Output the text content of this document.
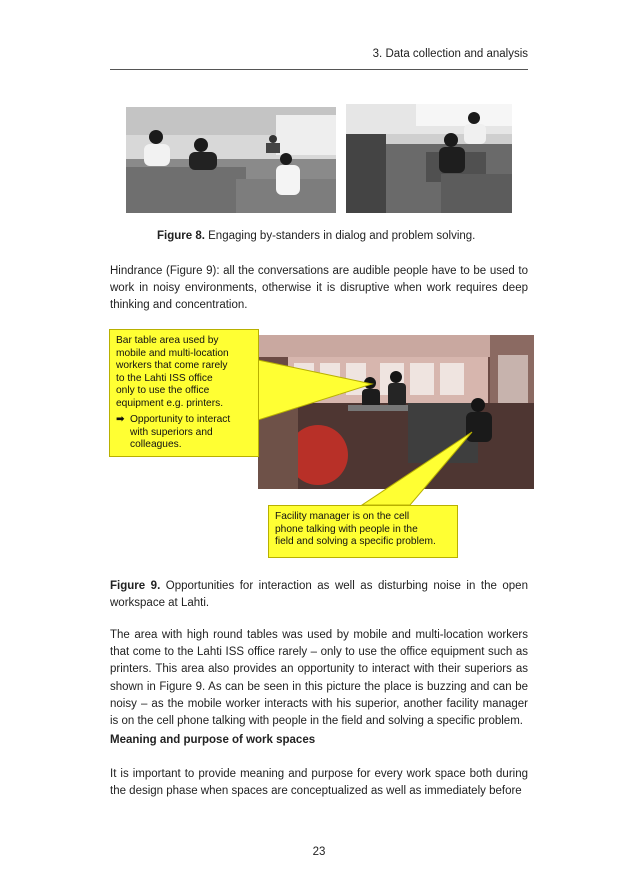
3. Data collection and analysis
Figure 8. Engaging by-standers in dialog and problem solving.
Hindrance (Figure 9): all the conversations are audible people have to be used to work in noisy environments, otherwise it is disruptive when work requires deep thinking and concentration.
Bar table area used by
mobile and multi-location
workers that come rarely
to the Lahti ISS office
only to use the office
equipment e.g. printers.
➡ Opportunity to interact
with superiors and
colleagues.
Facility manager is on the cell
phone talking with people in the
field and solving a specific problem.
Figure 9. Opportunities for interaction as well as disturbing noise in the open workspace at Lahti.
The area with high round tables was used by mobile and multi-location workers that come to the Lahti ISS office rarely – only to use the office equipment such as printers. This area also provides an opportunity to interact with their superiors as shown in Figure 9. As can be seen in this picture the place is buzzing and can be noisy – as the mobile worker interacts with his superior, another facility manager is on the cell phone talking with people in the field and solving a specific problem.
Meaning and purpose of work spaces
It is important to provide meaning and purpose for every work space both during the design phase when spaces are conceptualized as well as immediately before
23
